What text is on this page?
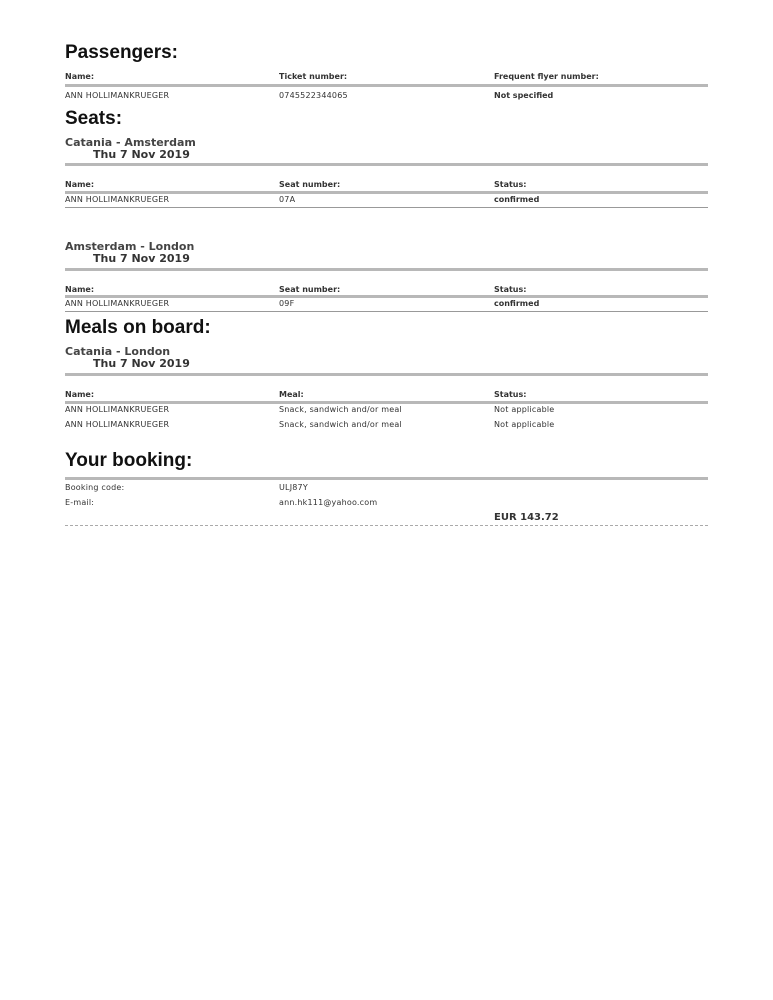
Passengers:
Name:	Ticket number:	Frequent flyer number:
ANN HOLLIMANKRUEGER	0745522344065	Not specified
Seats:
Catania - Amsterdam
Thu 7 Nov 2019
Name:	Seat number:	Status:
ANN HOLLIMANKRUEGER	07A	confirmed
Amsterdam - London
Thu 7 Nov 2019
Name:	Seat number:	Status:
ANN HOLLIMANKRUEGER	09F	confirmed
Meals on board:
Catania - London
Thu 7 Nov 2019
Name:	Meal:	Status:
ANN HOLLIMANKRUEGER	Snack, sandwich and/or meal	Not applicable
ANN HOLLIMANKRUEGER	Snack, sandwich and/or meal	Not applicable
Your booking:
Booking code:	ULJ87Y
E-mail:	ann.hk111@yahoo.com
EUR 143.72
